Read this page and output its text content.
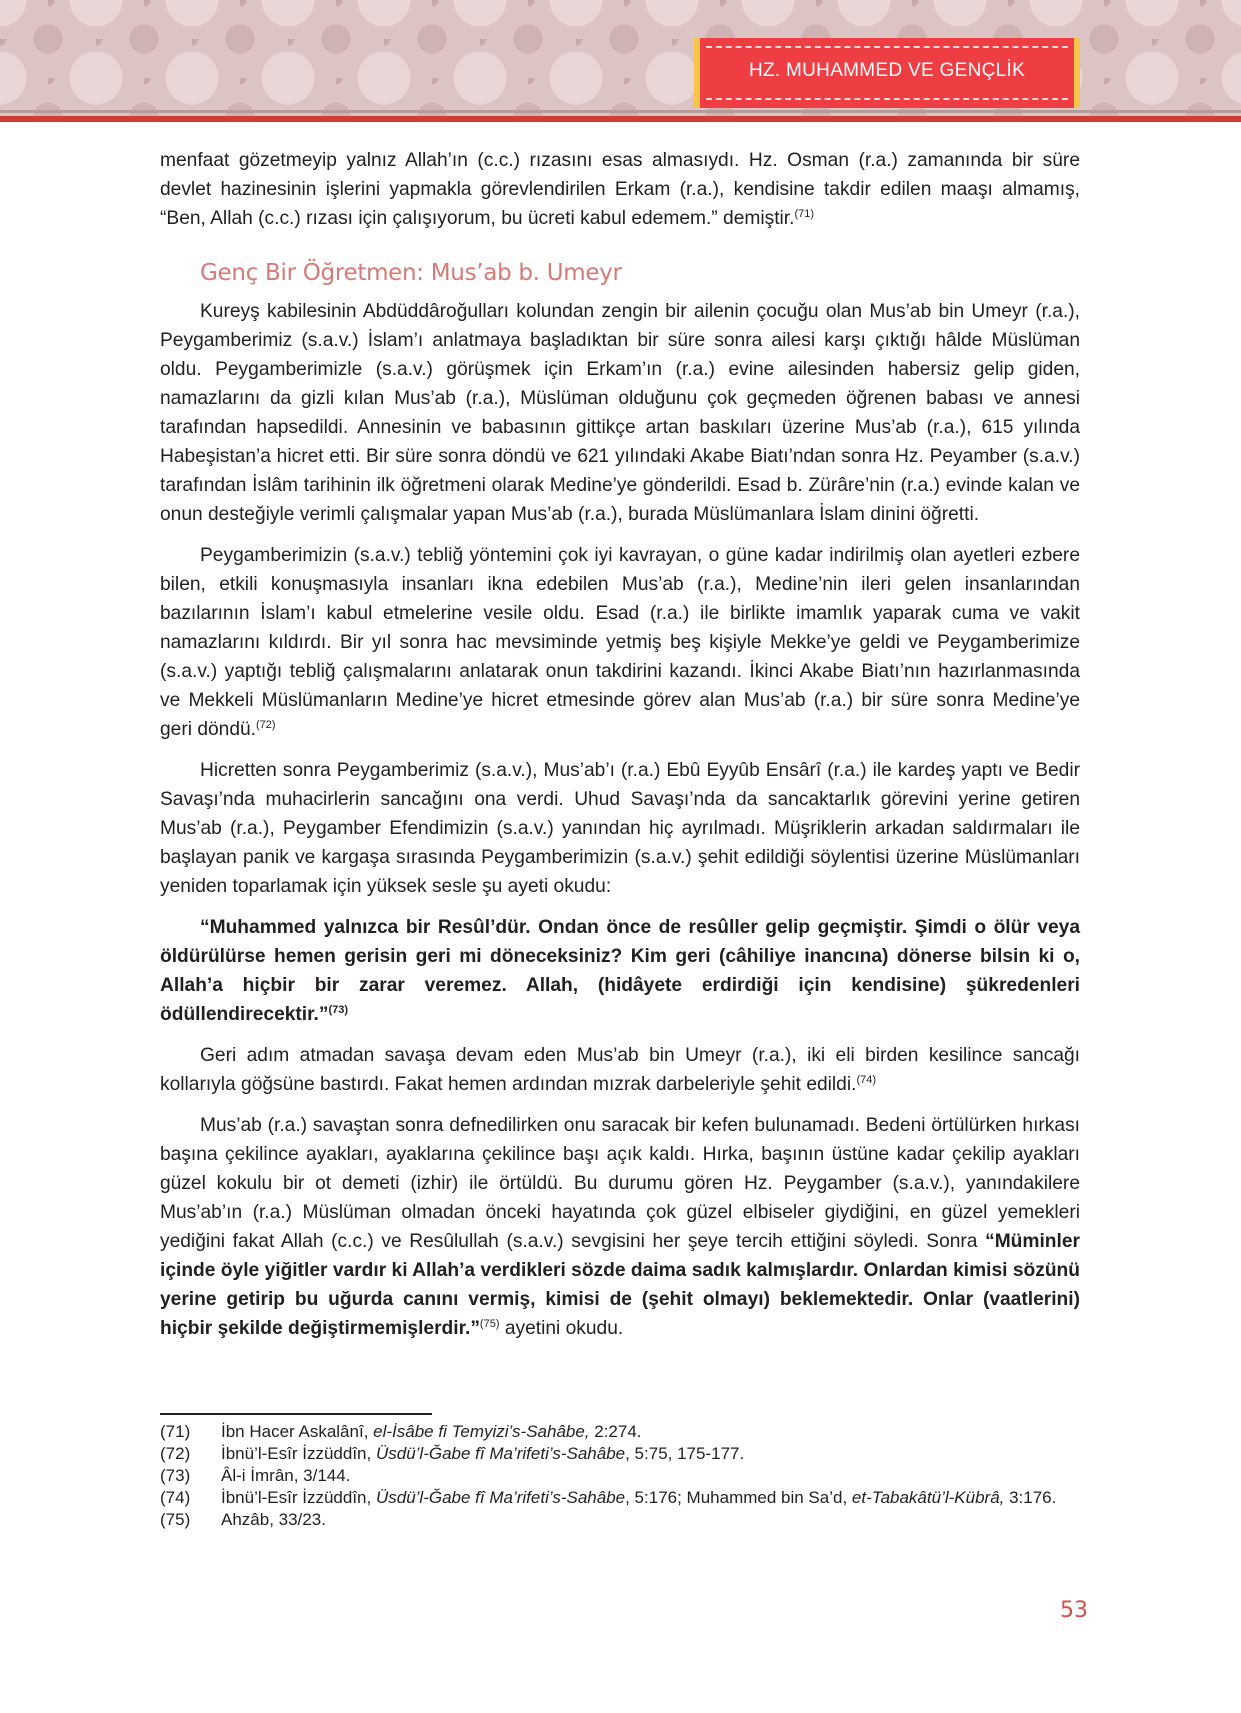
HZ. MUHAMMED VE GENÇLİK

menfaat gözetmeyip yalnız Allah’ın (c.c.) rızasını esas almasıydı. Hz. Osman (r.a.) zamanında bir süre devlet hazinesinin işlerini yapmakla görevlendirilen Erkam (r.a.), kendisine takdir edilen maaşı almamış, “Ben, Allah (c.c.) rızası için çalışıyorum, bu ücreti kabul edemem.” demiştir.$^{(71)}$

Genç Bir Öğretmen: Mus’ab b. Umeyr

Kureyş kabilesinin Abdüddâroğulları kolundan zengin bir ailenin çocuğu olan Mus’ab bin Umeyr (r.a.), Peygamberimiz (s.a.v.) İslam’ı anlatmaya başladıktan bir süre sonra ailesi karşı çıktığı hâlde Müslüman oldu. Peygamberimizle (s.a.v.) görüşmek için Erkam’ın (r.a.) evine ailesinden habersiz gelip giden, namazlarını da gizli kılan Mus’ab (r.a.), Müslüman olduğunu çok geçmeden öğrenen babası ve annesi tarafından hapsedildi. Annesinin ve babasının gittikçe artan baskıları üzerine Mus’ab (r.a.), 615 yılında Habeşistan’a hicret etti. Bir süre sonra döndü ve 621 yılındaki Akabe Biatı’ndan sonra Hz. Peyamber (s.a.v.) tarafından İslâm tarihinin ilk öğretmeni olarak Medine’ye gönderildi. Esad b. Zürâre’nin (r.a.) evinde kalan ve onun desteğiyle verimli çalışmalar yapan Mus’ab (r.a.), burada Müslümanlara İslam dinini öğretti.

Peygamberimizin (s.a.v.) tebliğ yöntemini çok iyi kavrayan, o güne kadar indirilmiş olan ayetleri ezbere bilen, etkili konuşmasıyla insanları ikna edebilen Mus’ab (r.a.), Medine’nin ileri gelen insanlarından bazılarının İslam’ı kabul etmelerine vesile oldu. Esad (r.a.) ile birlikte imamlık yaparak cuma ve vakit namazlarını kıldırdı. Bir yıl sonra hac mevsiminde yetmiş beş kişiyle Mekke’ye geldi ve Peygamberimize (s.a.v.) yaptığı tebliğ çalışmalarını anlatarak onun takdirini kazandı. İkinci Akabe Biatı’nın hazırlanmasında ve Mekkeli Müslümanların Medine’ye hicret etmesinde görev alan Mus’ab (r.a.) bir süre sonra Medine’ye geri döndü.$^{(72)}$

Hicretten sonra Peygamberimiz (s.a.v.), Mus’ab’ı (r.a.) Ebû Eyyûb Ensârî (r.a.) ile kardeş yaptı ve Bedir Savaşı’nda muhacirlerin sancağını ona verdi. Uhud Savaşı’nda da sancaktarlık görevini yerine getiren Mus’ab (r.a.), Peygamber Efendimizin (s.a.v.) yanından hiç ayrılmadı. Müşriklerin arkadan saldırmaları ile başlayan panik ve kargaşa sırasında Peygamberimizin (s.a.v.) şehit edildiği söylentisi üzerine Müslümanları yeniden toparlamak için yüksek sesle şu ayeti okudu:

“Muhammed yalnızca bir Resûl’dür. Ondan önce de resûller gelip geçmiştir. Şimdi o ölür veya öldürülürse hemen gerisin geri mi döneceksiniz? Kim geri (câhiliye inancına) dönerse bilsin ki o, Allah’a hiçbir bir zarar veremez. Allah, (hidâyete erdirdiği için kendisine) şükredenleri ödüllendirecektir.”$^{(73)}$

Geri adım atmadan savaşa devam eden Mus’ab bin Umeyr (r.a.), iki eli birden kesilince sancağı kollarıyla göğsüne bastırdı. Fakat hemen ardından mızrak darbeleriyle şehit edildi.$^{(74)}$

Mus’ab (r.a.) savaştan sonra defnedilirken onu saracak bir kefen bulunamadı. Bedeni örtülürken hırkası başına çekilince ayakları, ayaklarına çekilince başı açık kaldı. Hırka, başının üstüne kadar çekilip ayakları güzel kokulu bir ot demeti (izhir) ile örtüldü. Bu durumu gören Hz. Peygamber (s.a.v.), yanındakilere Mus’ab’ın (r.a.) Müslüman olmadan önceki hayatında çok güzel elbiseler giydiğini, en güzel yemekleri yediğini fakat Allah (c.c.) ve Resûlullah (s.a.v.) sevgisini her şeye tercih ettiğini söyledi. Sonra “Müminler içinde öyle yiğitler vardır ki Allah’a verdikleri sözde daima sadık kalmışlardır. Onlardan kimisi sözünü yerine getirip bu uğurda canını vermiş, kimisi de (şehit olmayı) beklemektedir. Onlar (vaatlerini) hiçbir şekilde değiştirmemişlerdir.”$^{(75)}$ ayetini okudu.

(71)	İbn Hacer Askalânî, el-İsâbe fi Temyizi’s-Sahâbe, 2:274.
(72)	İbnü’l-Esîr İzzüddîn, Üsdü’l-Ğabe fî Ma’rifeti’s-Sahâbe, 5:75, 175-177.
(73)	Âl-i İmrân, 3/144.
(74)	İbnü’l-Esîr İzzüddîn, Üsdü’l-Ğabe fî Ma’rifeti’s-Sahâbe, 5:176; Muhammed bin Sa’d, et-Tabakâtü’l-Kübrâ, 3:176.
(75)	Ahzâb, 33/23.
53
